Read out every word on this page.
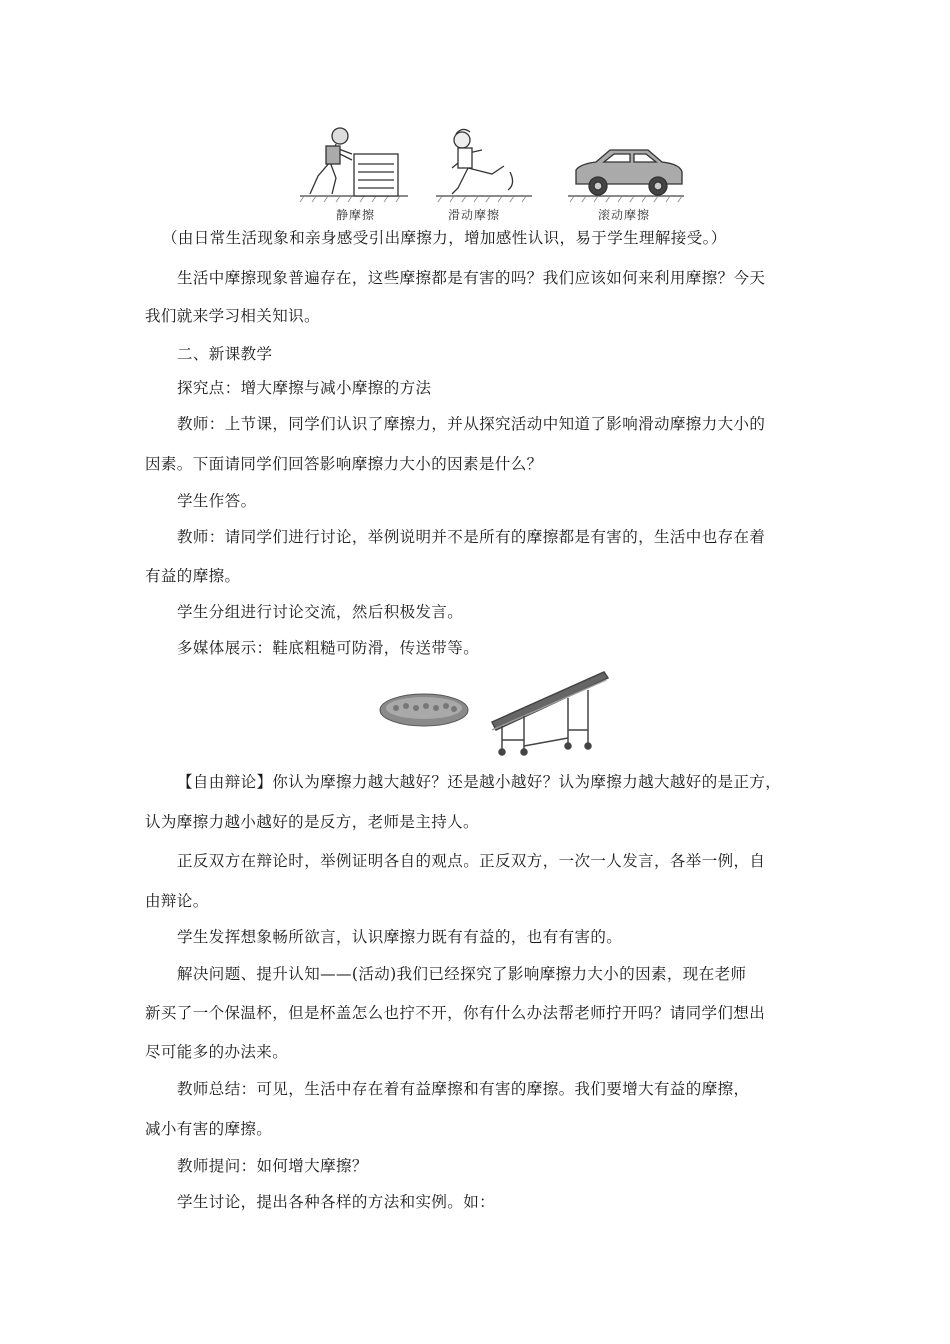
静摩擦	滑动摩擦	滚动摩擦
（由日常生活现象和亲身感受引出摩擦力，增加感性认识，易于学生理解接受。）
生活中摩擦现象普遍存在，这些摩擦都是有害的吗？我们应该如何来利用摩擦？今天
我们就来学习相关知识。
二、新课教学
探究点：增大摩擦与减小摩擦的方法
教师：上节课，同学们认识了摩擦力，并从探究活动中知道了影响滑动摩擦力大小的
因素。下面请同学们回答影响摩擦力大小的因素是什么？
学生作答。
教师：请同学们进行讨论，举例说明并不是所有的摩擦都是有害的，生活中也存在着
有益的摩擦。
学生分组进行讨论交流，然后积极发言。
多媒体展示：鞋底粗糙可防滑，传送带等。
【自由辩论】你认为摩擦力越大越好？还是越小越好？认为摩擦力越大越好的是正方，
认为摩擦力越小越好的是反方，老师是主持人。
正反双方在辩论时，举例证明各自的观点。正反双方，一次一人发言，各举一例，自
由辩论。
学生发挥想象畅所欲言，认识摩擦力既有有益的，也有有害的。
解决问题、提升认知——(活动)我们已经探究了影响摩擦力大小的因素，现在老师
新买了一个保温杯，但是杯盖怎么也拧不开，你有什么办法帮老师拧开吗？请同学们想出
尽可能多的办法来。
教师总结：可见，生活中存在着有益摩擦和有害的摩擦。我们要增大有益的摩擦，
减小有害的摩擦。
教师提问：如何增大摩擦？
学生讨论，提出各种各样的方法和实例。如：
